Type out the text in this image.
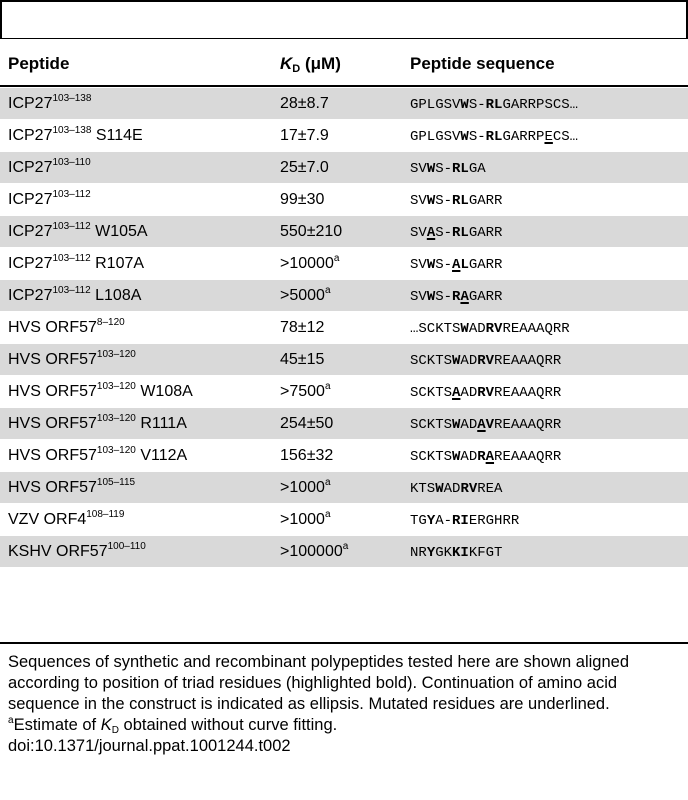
Peptide	$K_D$ (μM)	Peptide sequence
ICP27$^{103-138}$	28±8.7	GPLGSVWS-RLGARRPSCS…
ICP27$^{103-138}$ S114E	17±7.9	GPLGSVWS-RLGARRPECS…
ICP27$^{103-110}$	25±7.0	SVWS-RLGA
ICP27$^{103-112}$	99±30	SVWS-RLGARR
ICP27$^{103-112}$ W105A	550±210	SVAS-RLGARR
ICP27$^{103-112}$ R107A	$>10000^a$	SVWS-ALGARR
ICP27$^{103-112}$ L108A	$>5000^a$	SVWS-RAGARR
HVS ORF57$^{8-120}$	78±12	…SCKTSWADRVREAAAQRR
HVS ORF57$^{103-120}$	45±15	SCKTSWADRVREAAAQRR
HVS ORF57$^{103-120}$ W108A	$>7500^a$	SCKTSAADRVREAAAQRR
HVS ORF57$^{103-120}$ R111A	254±50	SCKTSWADAVREAAAQRR
HVS ORF57$^{103-120}$ V112A	156±32	SCKTSWADRAREAAAQRR
HVS $ORF57^{105-115}$	$>1000^a$	KTSWADRVREA
VZV $ORF4^{108-119}$	$>1000^a$	TGYA-RIERGHRR
KSHV $ORF57^{100-110}$	$>100000^a$	NRYGKKIKFGT

Sequences of synthetic and recombinant polypeptides tested here are shown aligned according to position of triad residues (highlighted bold). Continuation of amino acid sequence in the construct is indicated as ellipsis. Mutated residues are underlined.

$^a$Estimate of $K_D$ obtained without curve fitting.

doi:10.1371/journal.ppat.1001244.t002
